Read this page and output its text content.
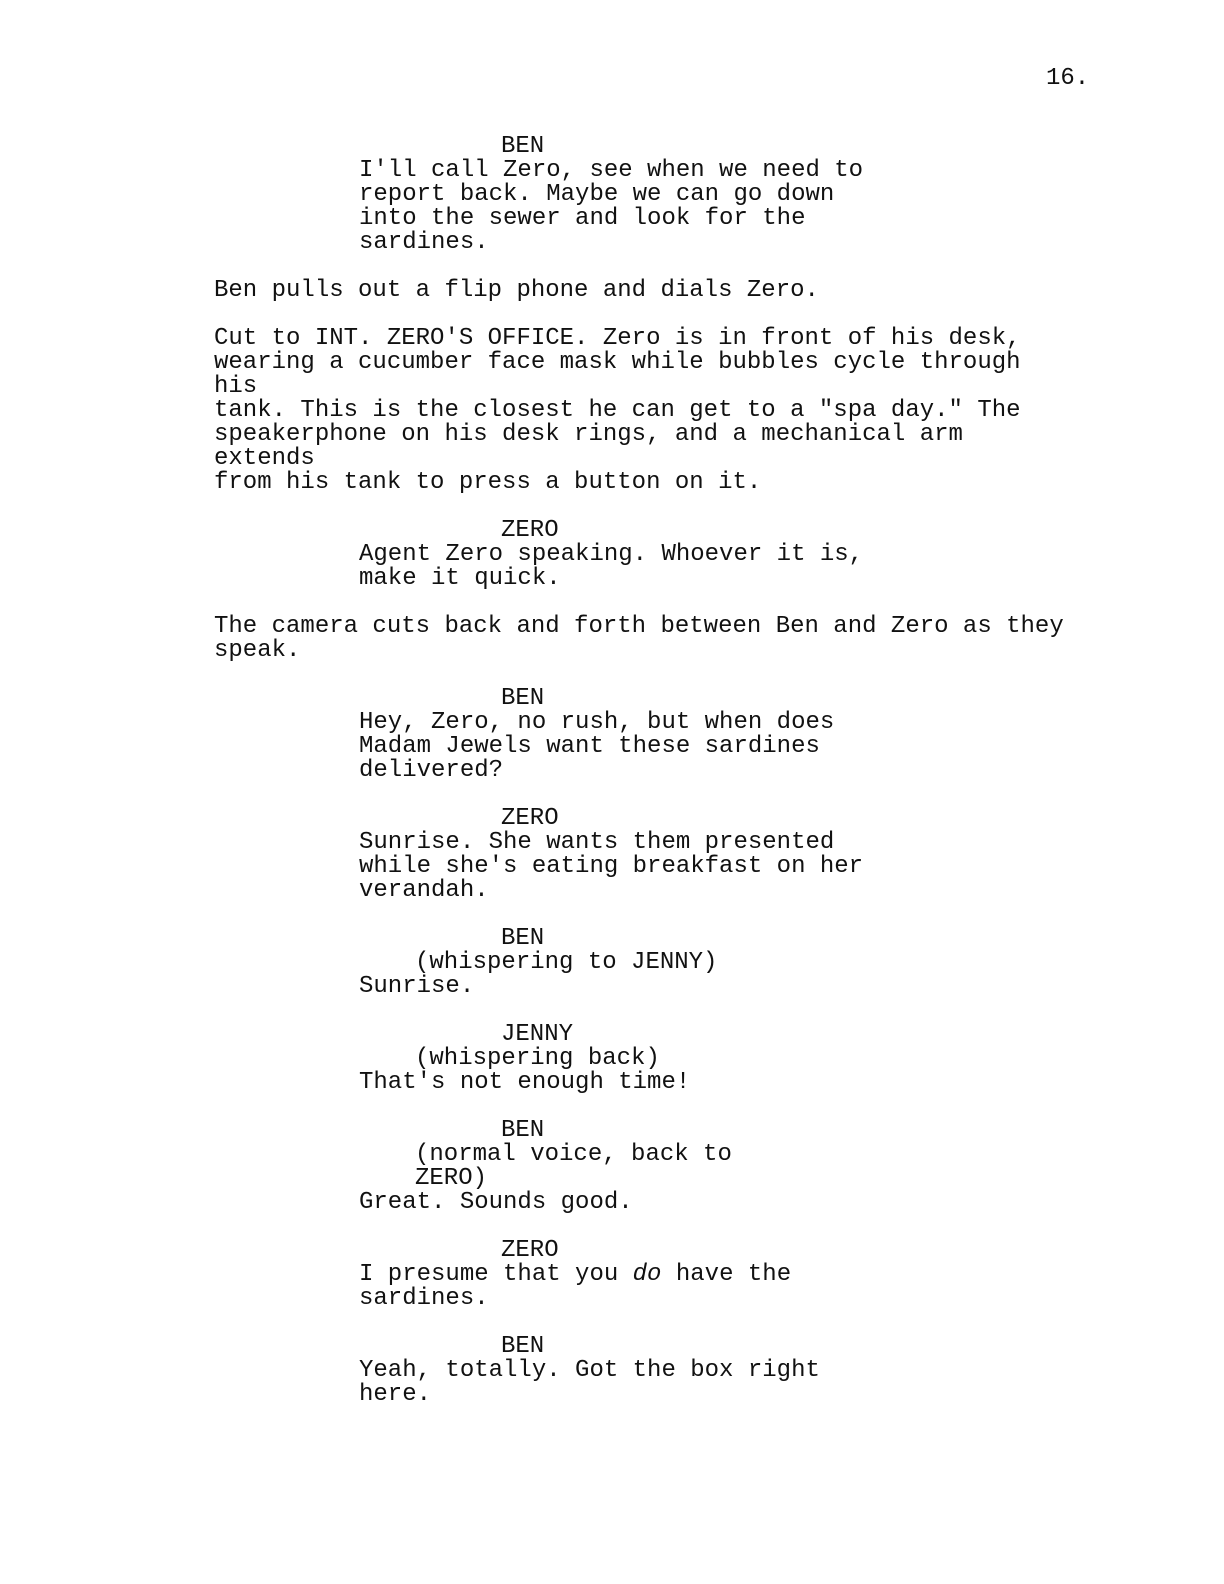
16.
BEN
I'll call Zero, see when we need to
report back. Maybe we can go down
into the sewer and look for the
sardines.
Ben pulls out a flip phone and dials Zero.
Cut to INT. ZERO'S OFFICE. Zero is in front of his desk,
wearing a cucumber face mask while bubbles cycle through his
tank. This is the closest he can get to a "spa day." The
speakerphone on his desk rings, and a mechanical arm extends
from his tank to press a button on it.
ZERO
Agent Zero speaking. Whoever it is,
make it quick.
The camera cuts back and forth between Ben and Zero as they
speak.
BEN
Hey, Zero, no rush, but when does
Madam Jewels want these sardines
delivered?
ZERO
Sunrise. She wants them presented
while she's eating breakfast on her
verandah.
BEN
(whispering to JENNY)
Sunrise.
JENNY
(whispering back)
That's not enough time!
BEN
(normal voice, back to
ZERO)
Great. Sounds good.
ZERO
I presume that you do have the
sardines.
BEN
Yeah, totally. Got the box right
here.
